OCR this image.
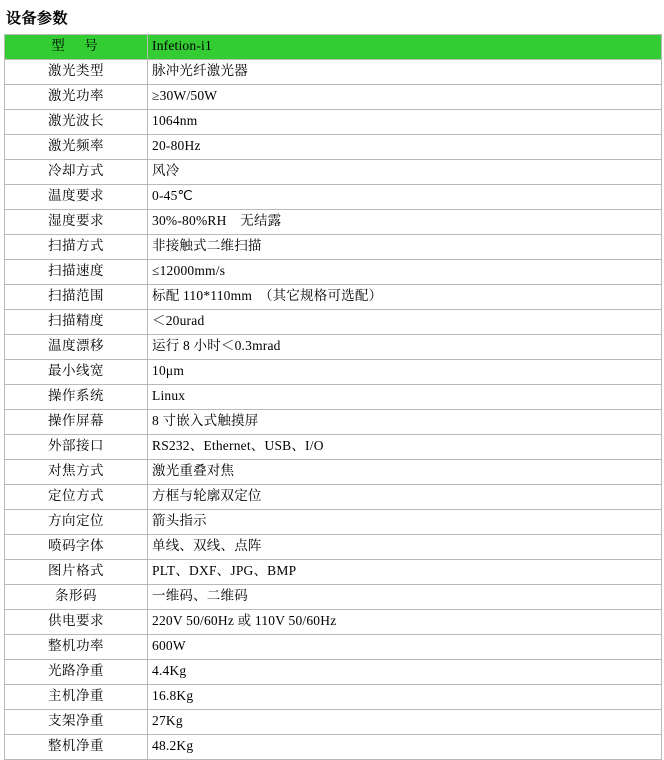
设备参数
型　号	Infetion-i1
激光类型	脉冲光纤激光器
激光功率	≥30W/50W
激光波长	1064nm
激光频率	20-80Hz
冷却方式	风冷
温度要求	0-45℃
湿度要求	30%-80%RH　无结露
扫描方式	非接触式二维扫描
扫描速度	≤12000mm/s
扫描范围	标配 110*110mm　（其它规格可选配）
扫描精度	＜20urad
温度漂移	运行 8 小时＜0.3mrad
最小线宽	10μm
操作系统	Linux
操作屏幕	8 寸嵌入式触摸屏
外部接口	RS232、Ethernet、USB、I/O
对焦方式	激光重叠对焦
定位方式	方框与轮廓双定位
方向定位	箭头指示
喷码字体	单线、双线、点阵
图片格式	PLT、DXF、JPG、BMP
条形码	一维码、二维码
供电要求	220V 50/60Hz 或 110V 50/60Hz
整机功率	600W
光路净重	4.4Kg
主机净重	16.8Kg
支架净重	27Kg
整机净重	48.2Kg
